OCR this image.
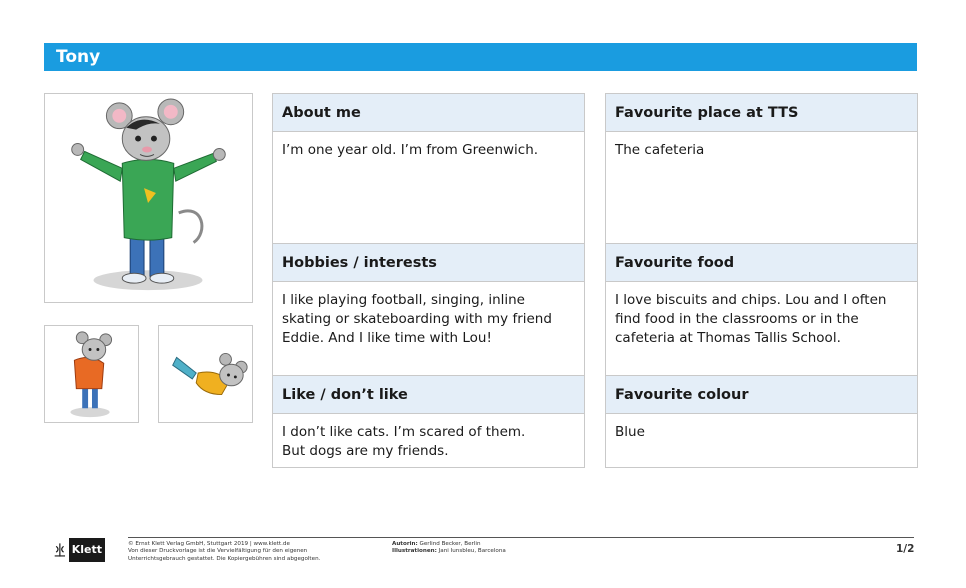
Tony
About me
I’m one year old. I’m from Greenwich.
Hobbies / interests
I like playing football, singing, inline
skating or skateboarding with my friend
Eddie. And I like time with Lou!
Like / don’t like
I don’t like cats. I’m scared of them.
But dogs are my friends.
Favourite place at TTS
The cafeteria
Favourite food
I love biscuits and chips. Lou and I often
find food in the classrooms or in the
cafeteria at Thomas Tallis School.
Favourite colour
Blue
Klett	© Ernst Klett Verlag GmbH, Stuttgart 2019 | www.klett.de
Von dieser Druckvorlage ist die Vervielfältigung für den eigenen
Unterrichtsgebrauch gestattet. Die Kopiergebühren sind abgegolten.
Autorin: Gerlind Becker, Berlin
Illustrationen: Jani Iunsbleu, Barcelona	1/2
